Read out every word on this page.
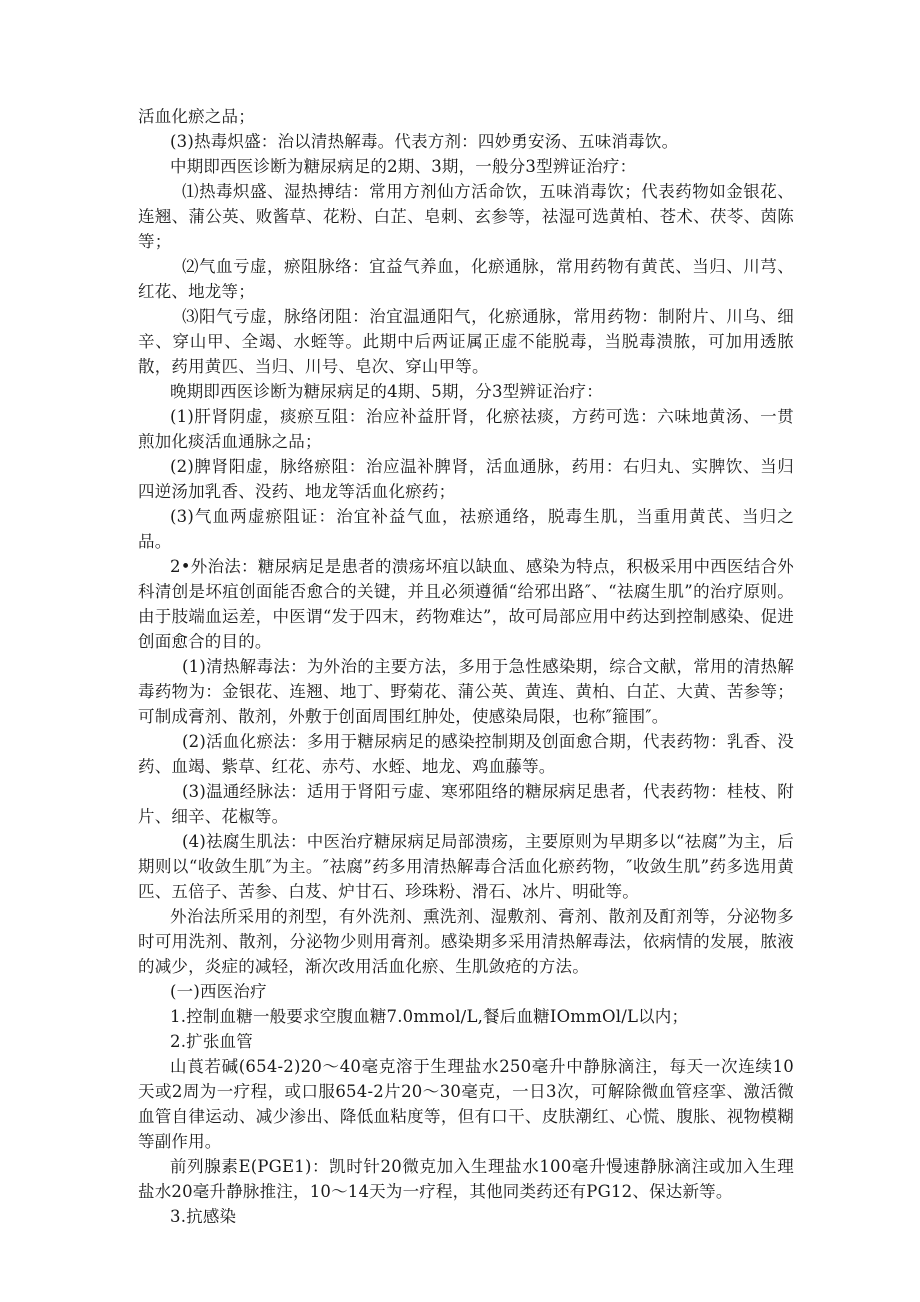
活血化瘀之品；

(3)热毒炽盛：治以清热解毒。代表方剂：四妙勇安汤、五味消毒饮。

中期即西医诊断为糖尿病足的2期、3期，一般分3型辨证治疗：

⑴热毒炽盛、湿热搏结：常用方剂仙方活命饮，五味消毒饮；代表药物如金银花、连翘、蒲公英、败酱草、花粉、白芷、皂刺、玄参等，祛湿可选黄柏、苍术、茯苓、茵陈等；

⑵气血亏虚，瘀阻脉络：宜益气养血，化瘀通脉，常用药物有黄芪、当归、川芎、红花、地龙等；

⑶阳气亏虚，脉络闭阻：治宜温通阳气，化瘀通脉，常用药物：制附片、川乌、细辛、穿山甲、全竭、水蛭等。此期中后两证属正虚不能脱毒，当脱毒溃脓，可加用透脓散，药用黄匹、当归、川号、皂次、穿山甲等。

晚期即西医诊断为糖尿病足的4期、5期，分3型辨证治疗：

(1)肝肾阴虚，痰瘀互阻：治应补益肝肾，化瘀祛痰，方药可选：六味地黄汤、一贯煎加化痰活血通脉之品；

(2)脾肾阳虚，脉络瘀阻：治应温补脾肾，活血通脉，药用：右归丸、实脾饮、当归四逆汤加乳香、没药、地龙等活血化瘀药；

(3)气血两虚瘀阻证：治宜补益气血，祛瘀通络，脱毒生肌，当重用黄芪、当归之品。

2•外治法：糖尿病足是患者的溃疡坏疽以缺血、感染为特点，积极采用中西医结合外科清创是坏疽创面能否愈合的关键，并且必须遵循“给邪出路″、“祛腐生肌”的治疗原则。由于肢端血运差，中医谓“发于四末，药物难达”，故可局部应用中药达到控制感染、促进创面愈合的目的。

(1)清热解毒法：为外治的主要方法，多用于急性感染期，综合文献，常用的清热解毒药物为：金银花、连翘、地丁、野菊花、蒲公英、黄连、黄柏、白芷、大黄、苦参等；可制成膏剂、散剂，外敷于创面周围红肿处，使感染局限，也称″箍围″。

(2)活血化瘀法：多用于糖尿病足的感染控制期及创面愈合期，代表药物：乳香、没药、血竭、紫草、红花、赤芍、水蛭、地龙、鸡血藤等。

(3)温通经脉法：适用于肾阳亏虚、寒邪阻络的糖尿病足患者，代表药物：桂枝、附片、细辛、花椒等。

(4)祛腐生肌法：中医治疗糖尿病足局部溃疡，主要原则为早期多以“祛腐”为主，后期则以“收敛生肌″为主。″祛腐”药多用清热解毒合活血化瘀药物，″收敛生肌”药多选用黄匹、五倍子、苦参、白芨、炉甘石、珍珠粉、滑石、冰片、明砒等。

外治法所采用的剂型，有外洗剂、熏洗剂、湿敷剂、膏剂、散剂及酊剂等，分泌物多时可用洗剂、散剂，分泌物少则用膏剂。感染期多采用清热解毒法，依病情的发展，脓液的减少，炎症的减轻，渐次改用活血化瘀、生肌敛疮的方法。

(一)西医治疗

1.控制血糖一般要求空腹血糖7.0mmol∕L,餐后血糖IOmmOl/L以内；

2.扩张血管

山莨若碱(654-2)20～40毫克溶于生理盐水250毫升中静脉滴注，每天一次连续10天或2周为一疗程，或口服654-2片20～30毫克，一日3次，可解除微血管痉挛、激活微血管自律运动、减少渗出、降低血粘度等，但有口干、皮肤潮红、心慌、腹胀、视物模糊等副作用。

前列腺素E(PGE1)：凯时针20微克加入生理盐水100毫升慢速静脉滴注或加入生理盐水20毫升静脉推注，10～14天为一疗程，其他同类药还有PG12、保达新等。

3.抗感染
